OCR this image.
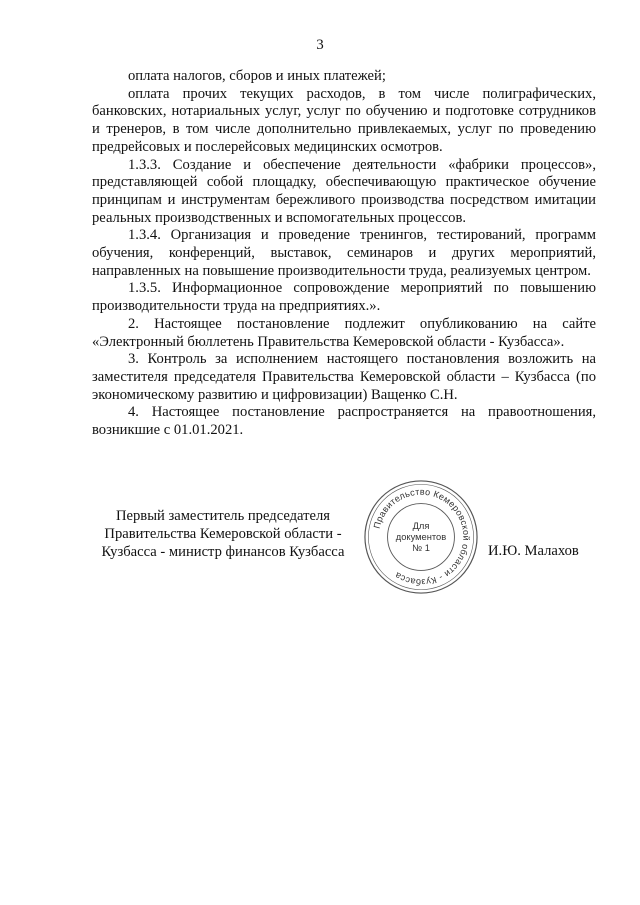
3

оплата налогов, сборов и иных платежей;

оплата прочих текущих расходов, в том числе полиграфических, банковских, нотариальных услуг, услуг по обучению и подготовке сотрудников и тренеров, в том числе дополнительно привлекаемых, услуг по проведению предрейсовых и послерейсовых медицинских осмотров.

1.3.3. Создание и обеспечение деятельности «фабрики процессов», представляющей собой площадку, обеспечивающую практическое обучение принципам и инструментам бережливого производства посредством имитации реальных производственных и вспомогательных процессов.

1.3.4. Организация и проведение тренингов, тестирований, программ обучения, конференций, выставок, семинаров и других мероприятий, направленных на повышение производительности труда, реализуемых центром.

1.3.5. Информационное сопровождение мероприятий по повышению производительности труда на предприятиях.».

2. Настоящее постановление подлежит опубликованию на сайте «Электронный бюллетень Правительства Кемеровской области - Кузбасса».

3. Контроль за исполнением настоящего постановления возложить на заместителя председателя Правительства Кемеровской области – Кузбасса (по экономическому развитию и цифровизации) Ващенко С.Н.

4. Настоящее постановление распространяется на правоотношения, возникшие с 01.01.2021.

Первый заместитель председателя
Правительства Кемеровской области -
Кузбасса - министр финансов Кузбасса
Правительство Кемеровской области - Кузбасса
Для
документов
№ 1	И.Ю. Малахов
